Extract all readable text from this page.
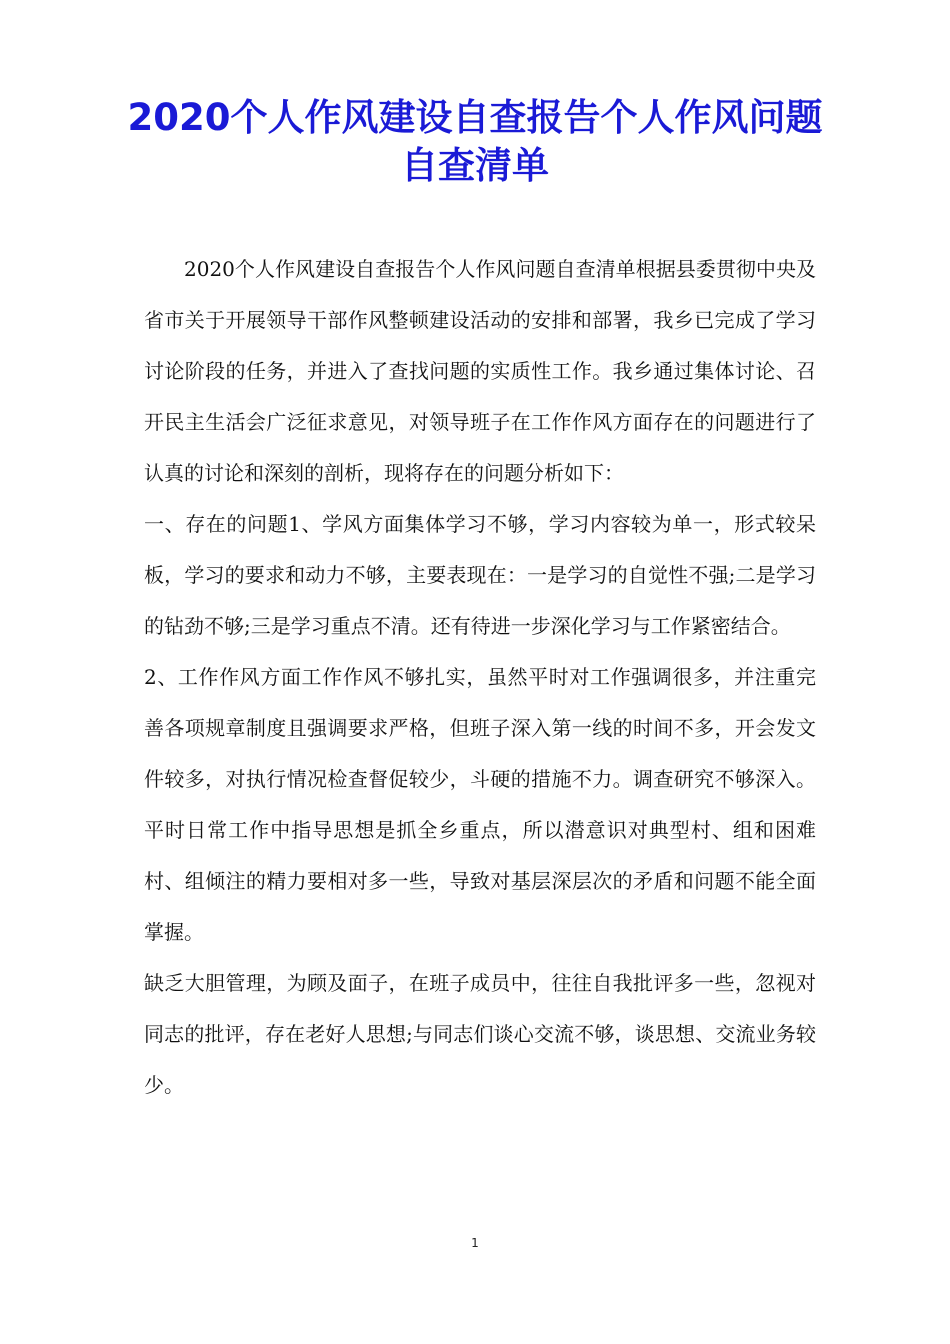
2020个人作风建设自查报告个人作风问题
自查清单

2020个人作风建设自查报告个人作风问题自查清单根据县委贯彻中央及省市关于开展领导干部作风整顿建设活动的安排和部署，我乡已完成了学习讨论阶段的任务，并进入了查找问题的实质性工作。我乡通过集体讨论、召开民主生活会广泛征求意见，对领导班子在工作作风方面存在的问题进行了认真的讨论和深刻的剖析，现将存在的问题分析如下：

一、存在的问题1、学风方面集体学习不够，学习内容较为单一，形式较呆板，学习的要求和动力不够，主要表现在：一是学习的自觉性不强;二是学习的钻劲不够;三是学习重点不清。还有待进一步深化学习与工作紧密结合。

2、工作作风方面工作作风不够扎实，虽然平时对工作强调很多，并注重完善各项规章制度且强调要求严格，但班子深入第一线的时间不多，开会发文件较多，对执行情况检查督促较少，斗硬的措施不力。调查研究不够深入。平时日常工作中指导思想是抓全乡重点，所以潜意识对典型村、组和困难村、组倾注的精力要相对多一些，导致对基层深层次的矛盾和问题不能全面掌握。

缺乏大胆管理，为顾及面子，在班子成员中，往往自我批评多一些，忽视对同志的批评，存在老好人思想;与同志们谈心交流不够，谈思想、交流业务较少。

1
